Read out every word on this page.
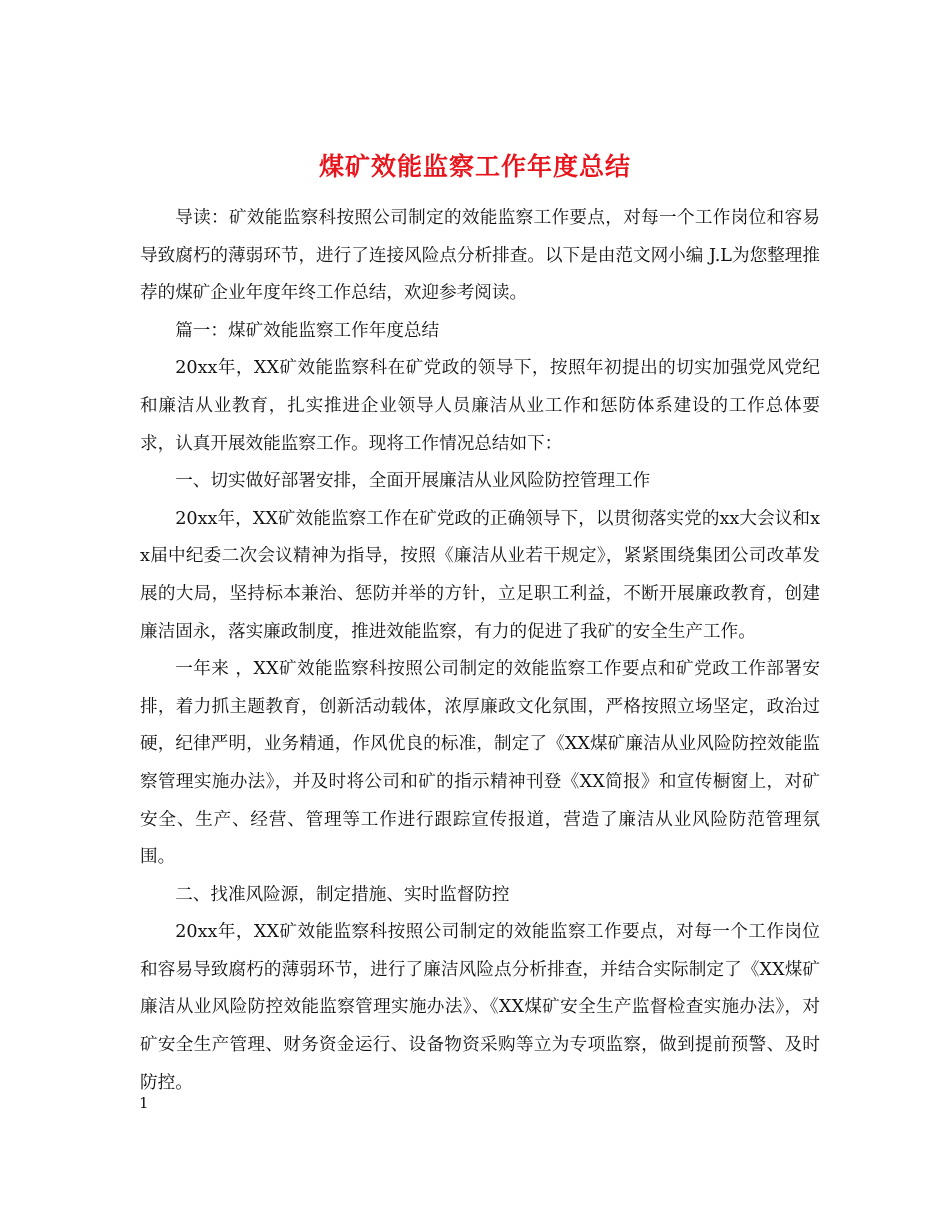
煤矿效能监察工作年度总结

导读：矿效能监察科按照公司制定的效能监察工作要点，对每一个工作岗位和容易导致腐朽的薄弱环节，进行了连接风险点分析排查。以下是由范文网小编 J.L为您整理推荐的煤矿企业年度年终工作总结，欢迎参考阅读。

篇一：煤矿效能监察工作年度总结

20xx年，XX矿效能监察科在矿党政的领导下，按照年初提出的切实加强党风党纪和廉洁从业教育，扎实推进企业领导人员廉洁从业工作和惩防体系建设的工作总体要求，认真开展效能监察工作。现将工作情况总结如下：

一、切实做好部署安排，全面开展廉洁从业风险防控管理工作

20xx年，XX矿效能监察工作在矿党政的正确领导下，以贯彻落实党的xx大会议和xx届中纪委二次会议精神为指导，按照《廉洁从业若干规定》，紧紧围绕集团公司改革发展的大局，坚持标本兼治、惩防并举的方针，立足职工利益，不断开展廉政教育，创建廉洁固永，落实廉政制度，推进效能监察，有力的促进了我矿的安全生产工作。

一年来 ，XX矿效能监察科按照公司制定的效能监察工作要点和矿党政工作部署安排，着力抓主题教育，创新活动载体，浓厚廉政文化氛围，严格按照立场坚定，政治过硬，纪律严明，业务精通，作风优良的标准，制定了《XX煤矿廉洁从业风险防控效能监察管理实施办法》，并及时将公司和矿的指示精神刊登《XX简报》和宣传橱窗上，对矿安全、生产、经营、管理等工作进行跟踪宣传报道，营造了廉洁从业风险防范管理氛围。

二、找准风险源，制定措施、实时监督防控

20xx年，XX矿效能监察科按照公司制定的效能监察工作要点，对每一个工作岗位和容易导致腐朽的薄弱环节，进行了廉洁风险点分析排查，并结合实际制定了《XX煤矿廉洁从业风险防控效能监察管理实施办法》、《XX煤矿安全生产监督检查实施办法》，对矿安全生产管理、财务资金运行、设备物资采购等立为专项监察，做到提前预警、及时防控。

1
